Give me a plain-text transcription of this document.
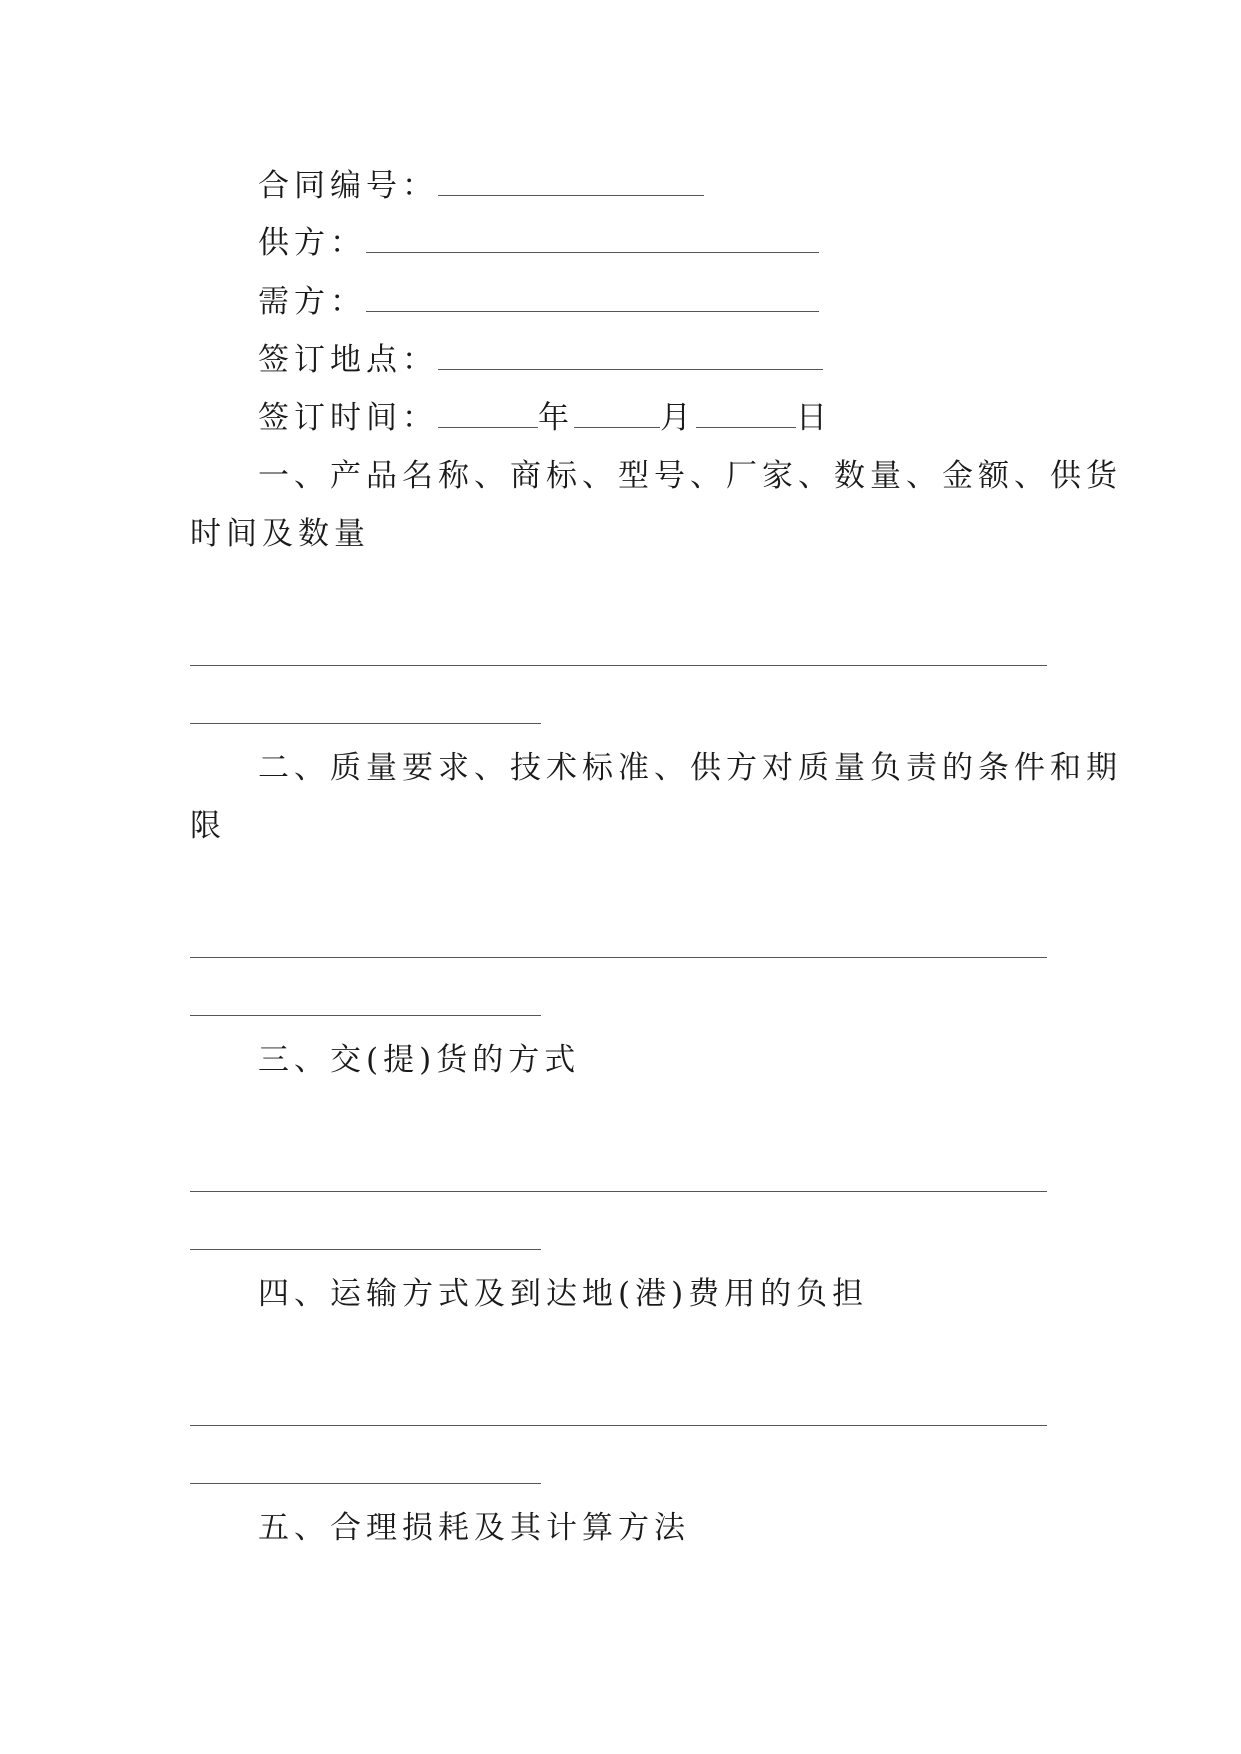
合同编号：
供方：
需方：
签订地点：
签订时间：	年	月	日
一、产品名称、商标、型号、厂家、数量、金额、供货
时间及数量
二、质量要求、技术标准、供方对质量负责的条件和期
限
三、交(提)货的方式
四、运输方式及到达地(港)费用的负担
五、合理损耗及其计算方法
